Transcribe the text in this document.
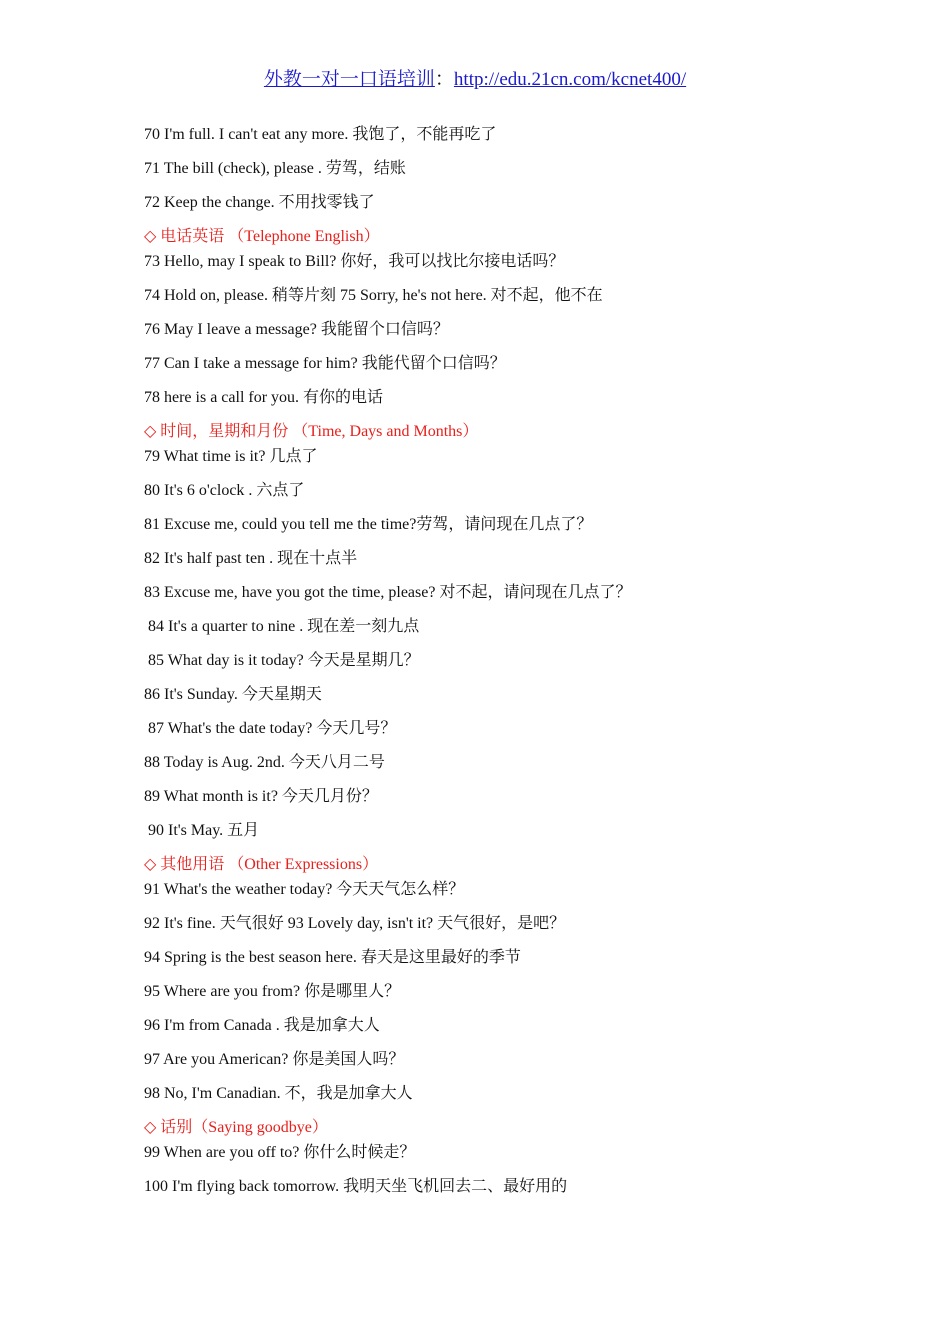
外教一对一口语培训：http://edu.21cn.com/kcnet400/
70 I'm full. I can't eat any more. 我饱了，不能再吃了
71 The bill (check), please . 劳驾，结账
72 Keep the change. 不用找零钱了
◇ 电话英语 （Telephone English）
73 Hello, may I speak to Bill? 你好，我可以找比尔接电话吗？
74 Hold on, please. 稍等片刻 75 Sorry, he's not here. 对不起，他不在
76 May I leave a message? 我能留个口信吗？
77 Can I take a message for him? 我能代留个口信吗？
78 here is a call for you. 有你的电话
◇ 时间，星期和月份 （Time, Days and Months）
79 What time is it? 几点了
80 It's 6 o'clock . 六点了
81 Excuse me, could you tell me the time?劳驾，请问现在几点了？
82 It's half past ten . 现在十点半
83 Excuse me, have you got the time, please? 对不起，请问现在几点了？
84 It's a quarter to nine . 现在差一刻九点
85 What day is it today? 今天是星期几？
86 It's Sunday. 今天星期天
87 What's the date today? 今天几号？
88 Today is Aug. 2nd. 今天八月二号
89 What month is it? 今天几月份？
90 It's May. 五月
◇ 其他用语 （Other Expressions）
91 What's the weather today? 今天天气怎么样？
92 It's fine. 天气很好 93 Lovely day, isn't it? 天气很好，是吧？
94 Spring is the best season here. 春天是这里最好的季节
95 Where are you from? 你是哪里人？
96 I'm from Canada . 我是加拿大人
97 Are you American? 你是美国人吗？
98 No, I'm Canadian. 不，我是加拿大人
◇ 话别（Saying goodbye）
99 When are you off to? 你什么时候走？
100 I'm flying back tomorrow. 我明天坐飞机回去二、最好用的
